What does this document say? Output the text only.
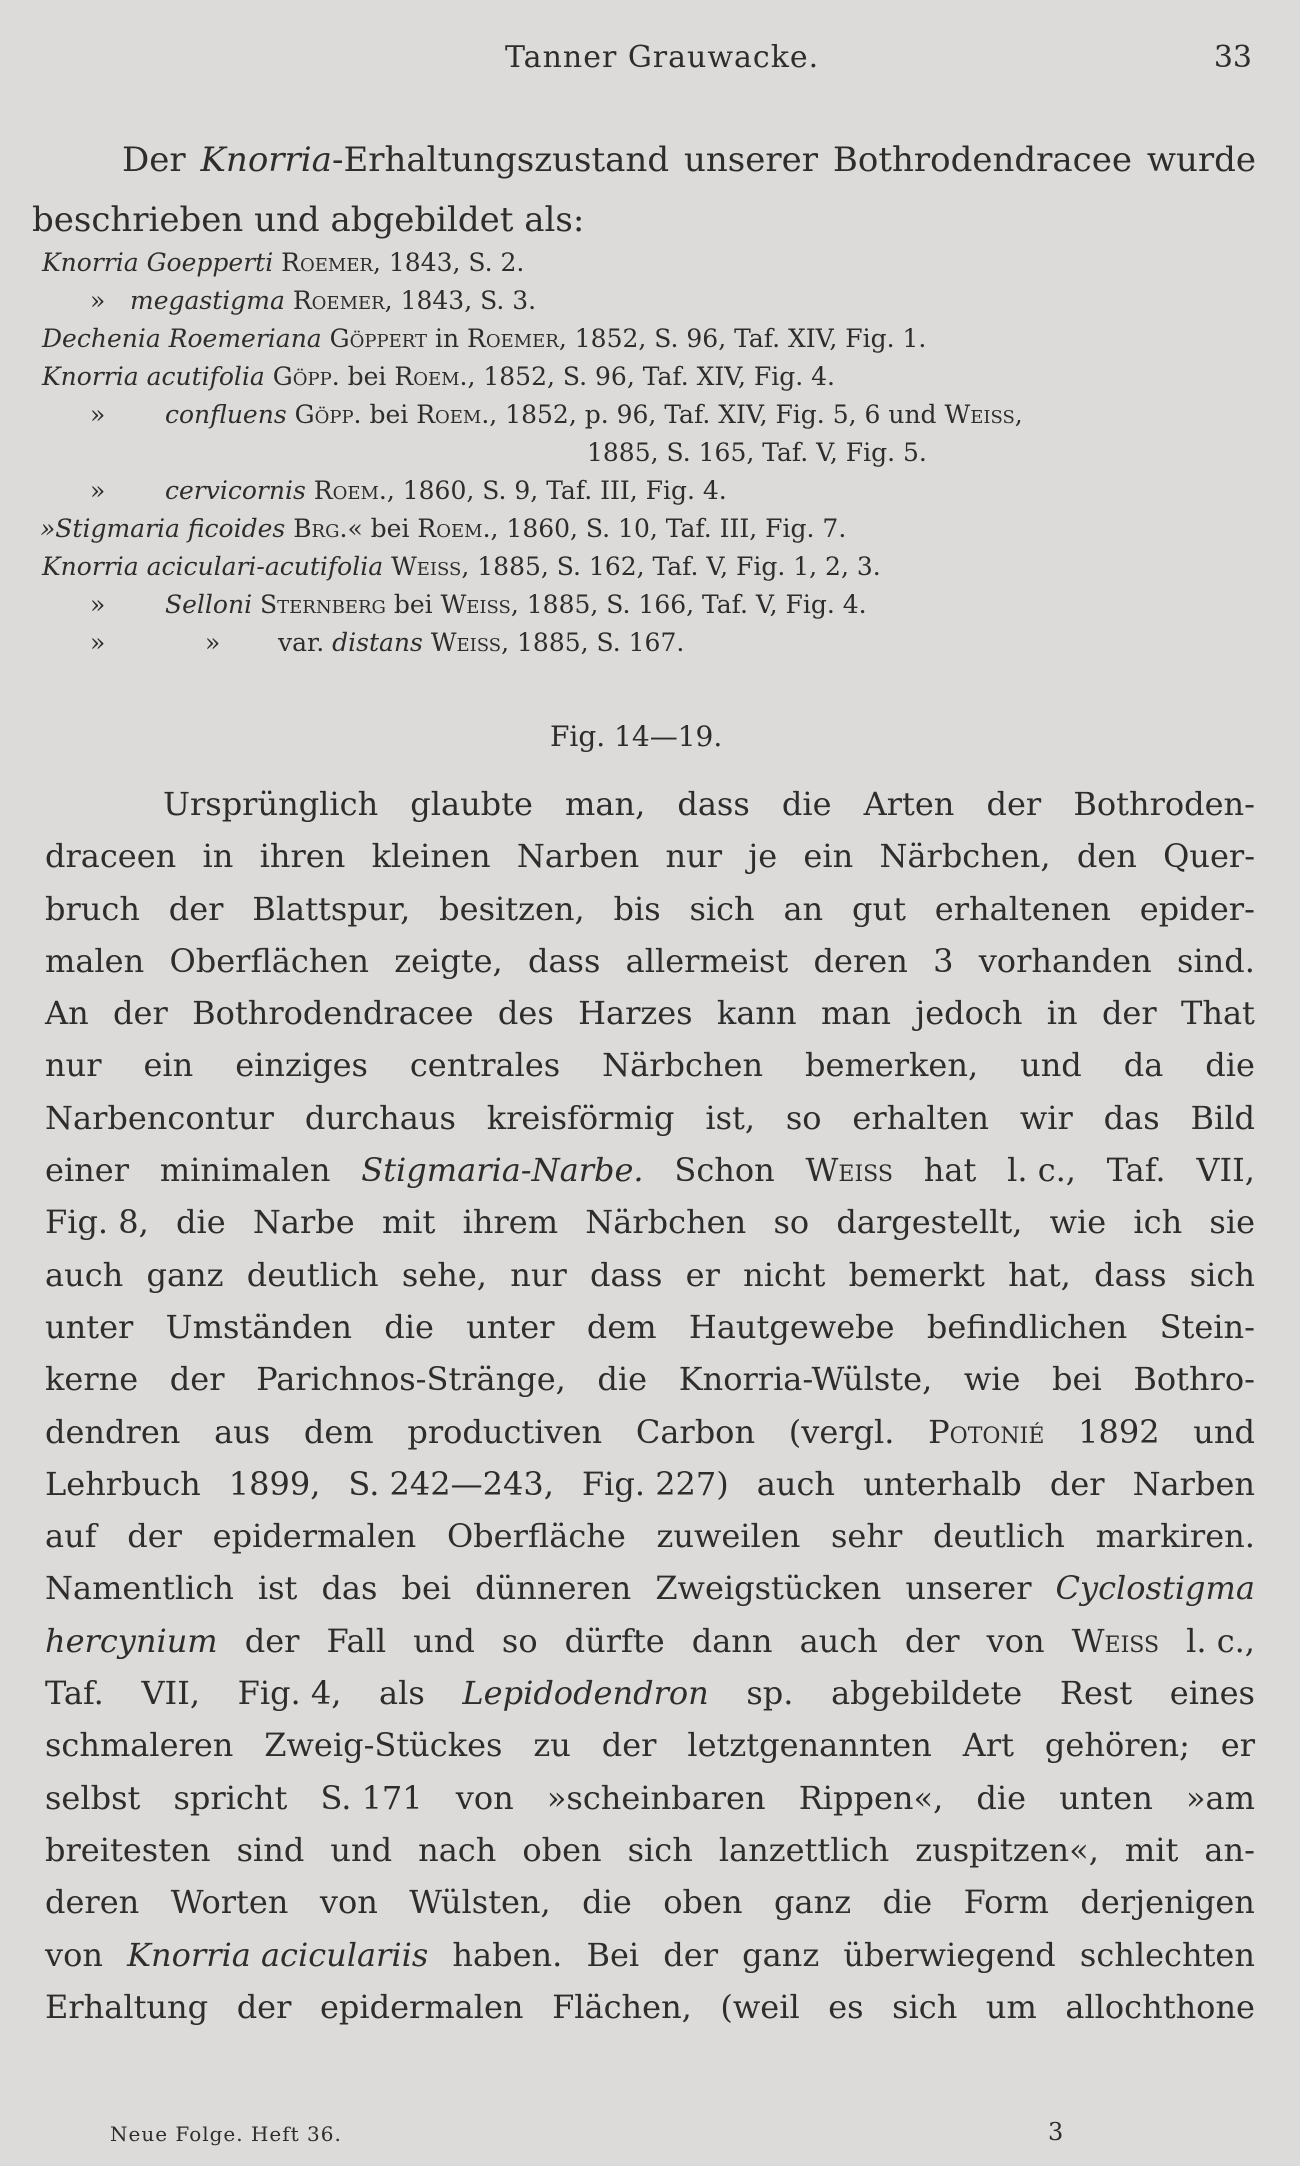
Tanner Grauwacke.	33
Der Knorria-Erhaltungszustand unserer Bothrodendracee wurde
beschrieben und abgebildet als:
Knorria Goepperti Roemer, 1843, S. 2.
» megastigma Roemer, 1843, S. 3.
Dechenia Roemeriana Göppert in Roemer, 1852, S. 96, Taf. XIV, Fig. 1.
Knorria acutifolia Göpp. bei Roem., 1852, S. 96, Taf. XIV, Fig. 4.
» confluens Göpp. bei Roem., 1852, p. 96, Taf. XIV, Fig. 5, 6 und Weiss,
1885, S. 165, Taf. V, Fig. 5.
» cervicornis Roem., 1860, S. 9, Taf. III, Fig. 4.
»Stigmaria ficoides Brg.« bei Roem., 1860, S. 10, Taf. III, Fig. 7.
Knorria aciculari-acutifolia Weiss, 1885, S. 162, Taf. V, Fig. 1, 2, 3.
» Selloni Sternberg bei Weiss, 1885, S. 166, Taf. V, Fig. 4.
»	» var. distans Weiss, 1885, S. 167.
Fig. 14—19.
Ursprünglich glaubte man, dass die Arten der Bothroden-
draceen in ihren kleinen Narben nur je ein Närbchen, den Quer-
bruch der Blattspur, besitzen, bis sich an gut erhaltenen epider-
malen Oberflächen zeigte, dass allermeist deren 3 vorhanden sind.
An der Bothrodendracee des Harzes kann man jedoch in der That
nur ein einziges centrales Närbchen bemerken, und da die
Narbencontur durchaus kreisförmig ist, so erhalten wir das Bild
einer minimalen Stigmaria-Narbe. Schon Weiss hat l. c., Taf. VII,
Fig. 8, die Narbe mit ihrem Närbchen so dargestellt, wie ich sie
auch ganz deutlich sehe, nur dass er nicht bemerkt hat, dass sich
unter Umständen die unter dem Hautgewebe befindlichen Stein-
kerne der Parichnos-Stränge, die Knorria-Wülste, wie bei Bothro-
dendren aus dem productiven Carbon (vergl. Potonié 1892 und
Lehrbuch 1899, S. 242—243, Fig. 227) auch unterhalb der Narben
auf der epidermalen Oberfläche zuweilen sehr deutlich markiren.
Namentlich ist das bei dünneren Zweigstücken unserer Cyclostigma
hercynium der Fall und so dürfte dann auch der von Weiss l. c.,
Taf. VII, Fig. 4, als Lepidodendron sp. abgebildete Rest eines
schmaleren Zweig-Stückes zu der letztgenannten Art gehören; er
selbst spricht S. 171 von »scheinbaren Rippen«, die unten »am
breitesten sind und nach oben sich lanzettlich zuspitzen«, mit an-
deren Worten von Wülsten, die oben ganz die Form derjenigen
von Knorria aciculariis haben. Bei der ganz überwiegend schlechten
Erhaltung der epidermalen Flächen, (weil es sich um allochthone
Neue Folge. Heft 36.	3
